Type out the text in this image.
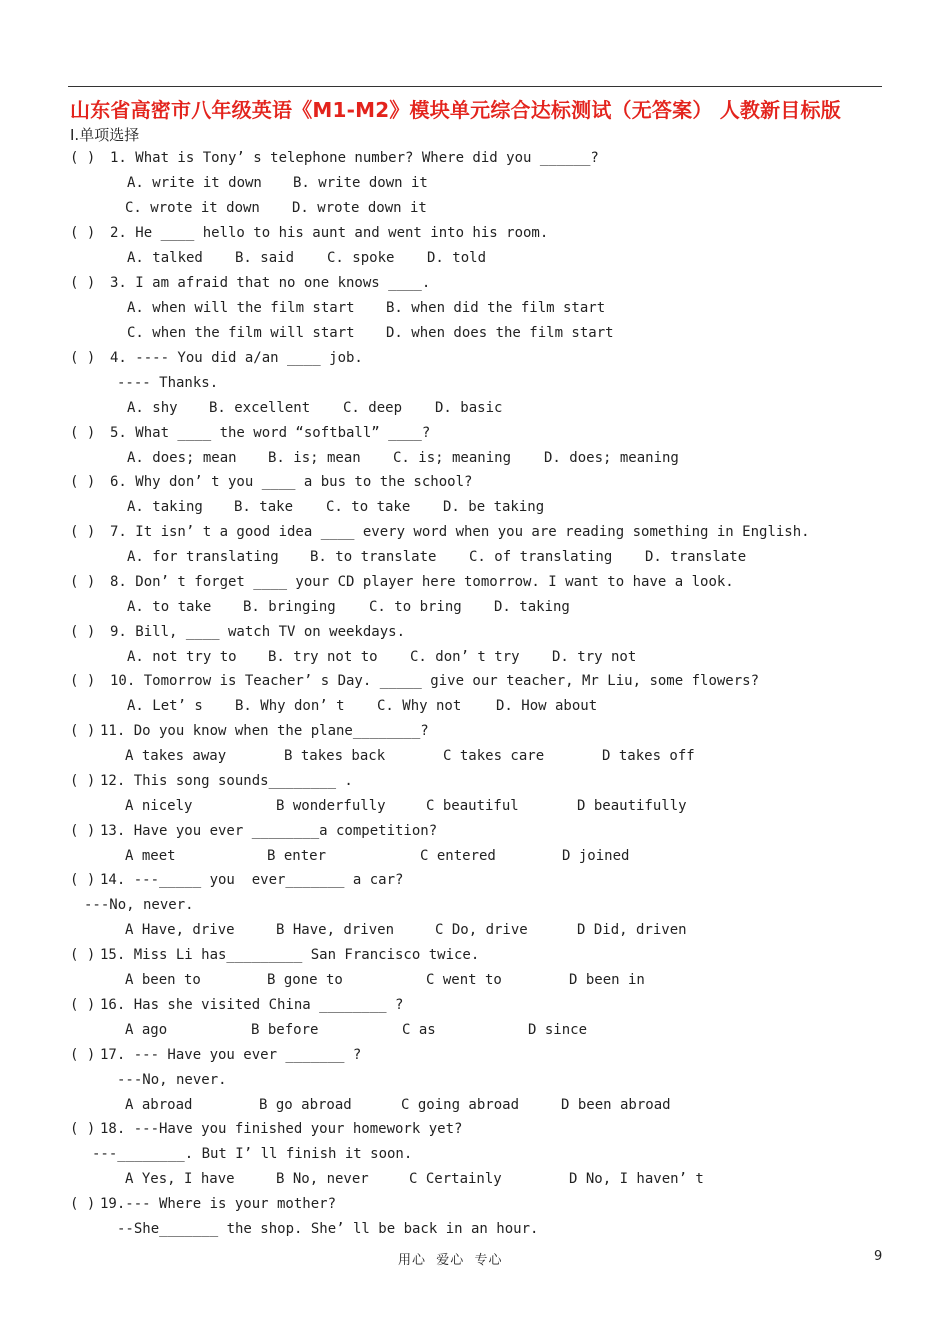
山东省高密市八年级英语《M1-M2》模块单元综合达标测试（无答案） 人教新目标版
Ⅰ.单项选择
( ) 1. What is Tony’ s telephone number? Where did you ______?
A. write it down B. write down it
C. wrote it down D. wrote down it
( ) 2. He ____ hello to his aunt and went into his room.
A. talked B. said C. spoke D. told
( ) 3. I am afraid that no one knows ____.
A. when will the film start B. when did the film start
C. when the film will start D. when does the film start
( ) 4. ---- You did a/an ____ job.
---- Thanks.
A. shy B. excellent C. deep D. basic
( ) 5. What ____ the word “softball” ____?
A. does; mean B. is; mean C. is; meaning D. does; meaning
( ) 6. Why don’ t you ____ a bus to the school?
A. taking B. take C. to take D. be taking
( ) 7. It isn’ t a good idea ____ every word when you are reading something in English.
A. for translating B. to translate C. of translating D. translate
( ) 8. Don’ t forget ____ your CD player here tomorrow. I want to have a look.
A. to take B. bringing C. to bring D. taking
( ) 9. Bill, ____ watch TV on weekdays.
A. not try to B. try not to C. don’ t try D. try not
( ) 10. Tomorrow is Teacher’ s Day. _____ give our teacher, Mr Liu, some flowers?
A. Let’ s B. Why don’ t C. Why not D. How about
( ) 11. Do you know when the plane________?
A takes away	B takes back	C takes care	D takes off
( ) 12. This song sounds________ .
A nicely	B wonderfully	C beautiful	D beautifully
( ) 13. Have you ever ________a competition?
A meet	B enter	C entered	D joined
( ) 14. ---_____ you  ever_______ a car?
---No, never.
A Have, drive	B Have, driven	C Do, drive	D Did, driven
( ) 15. Miss Li has_________ San Francisco twice.
A been to	B gone to	C went to	D been in
( ) 16. Has she visited China ________ ?
A ago	B before	C as	D since
( ) 17. --- Have you ever _______ ?
---No, never.
A abroad	B go abroad	C going abroad	D been abroad
( ) 18. ---Have you finished your homework yet?
---________. But I’ ll finish it soon.
A Yes, I have	B No, never	C Certainly	D No, I haven’ t
( ) 19.--- Where is your mother?
--She_______ the shop. She’ ll be back in an hour.
用心  爱心  专心	9
